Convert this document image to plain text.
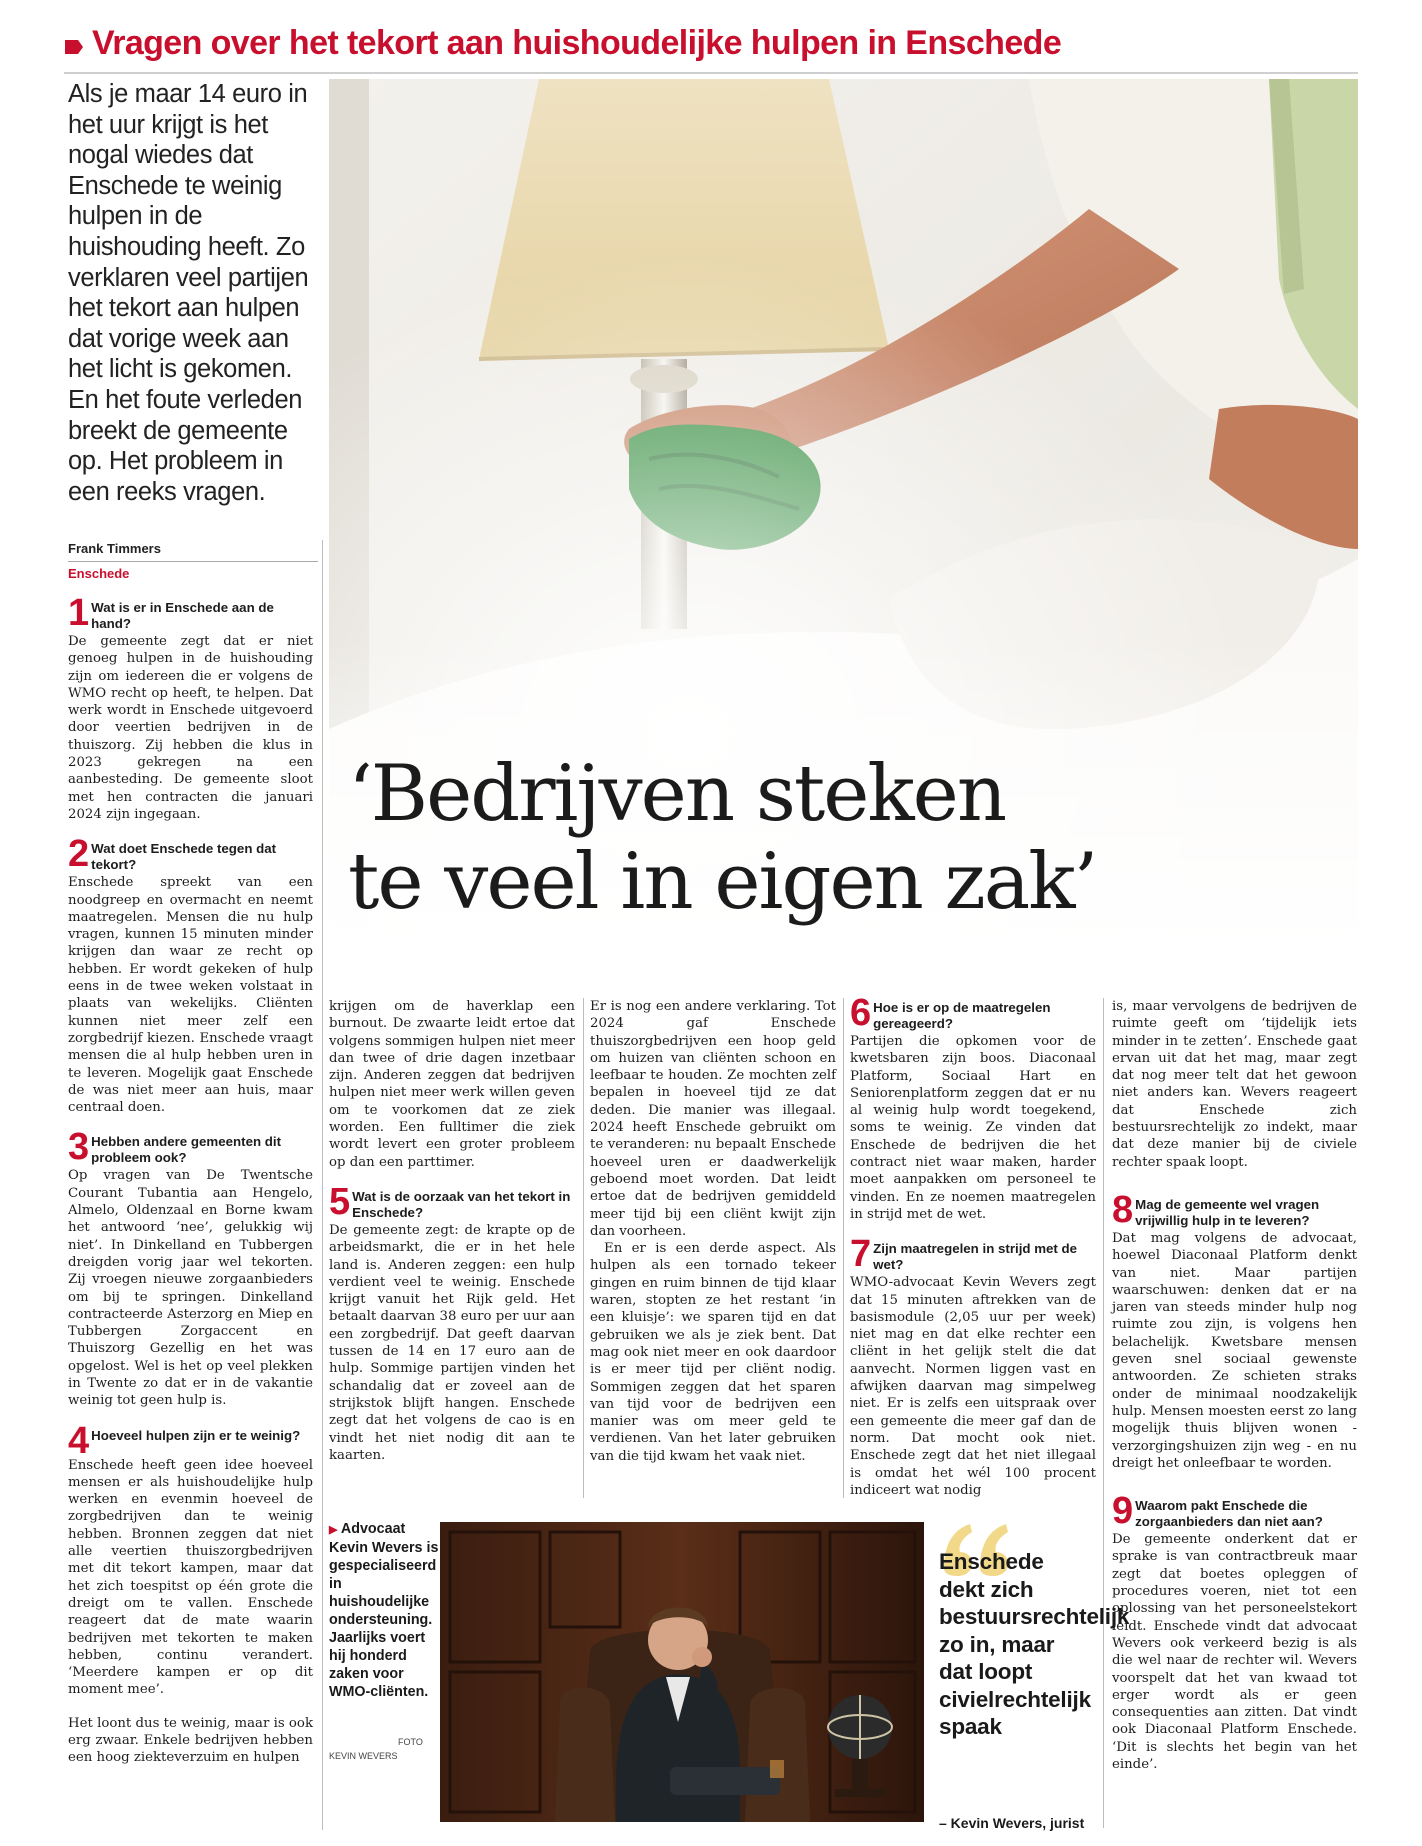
Vragen over het tekort aan huishoudelijke hulpen in Enschede

Als je maar 14 euro in het uur krijgt is het nogal wiedes dat Enschede te weinig hulpen in de huishouding heeft. Zo verklaren veel partijen het tekort aan hulpen dat vorige week aan het licht is gekomen. En het foute verleden breekt de gemeente op. Het probleem in een reeks vragen.

Frank Timmers

Enschede

‘Bedrijven steken
te veel in eigen zak’
1 Wat is er in Enschede aan de hand?

De gemeente zegt dat er niet genoeg hulpen in de huishouding zijn om iedereen die er volgens de WMO recht op heeft, te helpen. Dat werk wordt in Enschede uitgevoerd door veertien bedrijven in de thuiszorg. Zij hebben die klus in 2023 gekregen na een aanbesteding. De gemeente sloot met hen contracten die januari 2024 zijn ingegaan.

2 Wat doet Enschede tegen dat tekort?

Enschede spreekt van een noodgreep en overmacht en neemt maatregelen. Mensen die nu hulp vragen, kunnen 15 minuten minder krijgen dan waar ze recht op hebben. Er wordt gekeken of hulp eens in de twee weken volstaat in plaats van wekelijks. Cliënten kunnen niet meer zelf een zorgbedrijf kiezen. Enschede vraagt mensen die al hulp hebben uren in te leveren. Mogelijk gaat Enschede de was niet meer aan huis, maar centraal doen.

3 Hebben andere gemeenten dit probleem ook?

Op vragen van De Twentsche Courant Tubantia aan Hengelo, Almelo, Oldenzaal en Borne kwam het antwoord ‘nee’, gelukkig wij niet’. In Dinkelland en Tubbergen dreigden vorig jaar wel tekorten. Zij vroegen nieuwe zorgaanbieders om bij te springen. Dinkelland contracteerde Asterzorg en Miep en Tubbergen Zorgaccent en Thuiszorg Gezellig en het was opgelost. Wel is het op veel plekken in Twente zo dat er in de vakantie weinig tot geen hulp is.

4 Hoeveel hulpen zijn er te weinig?

Enschede heeft geen idee hoeveel mensen er als huishoudelijke hulp werken en evenmin hoeveel de zorgbedrijven dan te weinig hebben. Bronnen zeggen dat niet alle veertien thuiszorgbedrijven met dit tekort kampen, maar dat het zich toespitst op één grote die dreigt om te vallen. Enschede reageert dat de mate waarin bedrijven met tekorten te maken hebben, continu verandert. ‘Meerdere kampen er op dit moment mee’.

Het loont dus te weinig, maar is ook erg zwaar. Enkele bedrijven hebben een hoog ziekteverzuim en hulpen

krijgen om de haverklap een burnout. De zwaarte leidt ertoe dat volgens sommigen hulpen niet meer dan twee of drie dagen inzetbaar zijn. Anderen zeggen dat bedrijven hulpen niet meer werk willen geven om te voorkomen dat ze ziek worden. Een fulltimer die ziek wordt levert een groter probleem op dan een parttimer.

5 Wat is de oorzaak van het tekort in Enschede?

De gemeente zegt: de krapte op de arbeidsmarkt, die er in het hele land is. Anderen zeggen: een hulp verdient veel te weinig. Enschede krijgt vanuit het Rijk geld. Het betaalt daarvan 38 euro per uur aan een zorgbedrijf. Dat geeft daarvan tussen de 14 en 17 euro aan de hulp. Sommige partijen vinden het schandalig dat er zoveel aan de strijkstok blijft hangen. Enschede zegt dat het volgens de cao is en vindt het niet nodig dit aan te kaarten.

Er is nog een andere verklaring. Tot 2024 gaf Enschede thuiszorgbedrijven een hoop geld om huizen van cliënten schoon en leefbaar te houden. Ze mochten zelf bepalen in hoeveel tijd ze dat deden. Die manier was illegaal. 2024 heeft Enschede gebruikt om te veranderen: nu bepaalt Enschede hoeveel uren er daadwerkelijk geboend moet worden. Dat leidt ertoe dat de bedrijven gemiddeld meer tijd bij een cliënt kwijt zijn dan voorheen.

En er is een derde aspect. Als hulpen als een tornado tekeer gingen en ruim binnen de tijd klaar waren, stopten ze het restant ‘in een kluisje’: we sparen tijd en dat gebruiken we als je ziek bent. Dat mag ook niet meer en ook daardoor is er meer tijd per cliënt nodig. Sommigen zeggen dat het sparen van tijd voor de bedrijven een manier was om meer geld te verdienen. Van het later gebruiken van die tijd kwam het vaak niet.

6 Hoe is er op de maatregelen gereageerd?

Partijen die opkomen voor de kwetsbaren zijn boos. Diaconaal Platform, Sociaal Hart en Seniorenplatform zeggen dat er nu al weinig hulp wordt toegekend, soms te weinig. Ze vinden dat Enschede de bedrijven die het contract niet waar maken, harder moet aanpakken om personeel te vinden. En ze noemen maatregelen in strijd met de wet.

7 Zijn maatregelen in strijd met de wet?

WMO-advocaat Kevin Wevers zegt dat 15 minuten aftrekken van de basismodule (2,05 uur per week) niet mag en dat elke rechter een cliënt in het gelijk stelt die dat aanvecht. Normen liggen vast en afwijken daarvan mag simpelweg niet. Er is zelfs een uitspraak over een gemeente die meer gaf dan de norm. Dat mocht ook niet. Enschede zegt dat het niet illegaal is omdat het wél 100 procent indiceert wat nodig

is, maar vervolgens de bedrijven de ruimte geeft om ‘tijdelijk iets minder in te zetten’. Enschede gaat ervan uit dat het mag, maar zegt dat nog meer telt dat het gewoon niet anders kan. Wevers reageert dat Enschede zich bestuursrechtelijk zo indekt, maar dat deze manier bij de civiele rechter spaak loopt.

8 Mag de gemeente wel vragen vrijwillig hulp in te leveren?

Dat mag volgens de advocaat, hoewel Diaconaal Platform denkt van niet. Maar partijen waarschuwen: denken dat er na jaren van steeds minder hulp nog ruimte zou zijn, is volgens hen belachelijk. Kwetsbare mensen geven snel sociaal gewenste antwoorden. Ze schieten straks onder de minimaal noodzakelijk hulp. Mensen moesten eerst zo lang mogelijk thuis blijven wonen - verzorgingshuizen zijn weg - en nu dreigt het onleefbaar te worden.

9 Waarom pakt Enschede die zorgaanbieders dan niet aan?

De gemeente onderkent dat er sprake is van contractbreuk maar zegt dat boetes opleggen of procedures voeren, niet tot een oplossing van het personeelstekort leidt. Enschede vindt dat advocaat Wevers ook verkeerd bezig is als die wel naar de rechter wil. Wevers voorspelt dat het van kwaad tot erger wordt als er geen consequenties aan zitten. Dat vindt ook Diaconaal Platform Enschede. ‘Dit is slechts het begin van het einde’.

▶ Advocaat Kevin Wevers is gespecialiseerd in huishoudelijke ondersteuning. Jaarlijks voert hij honderd zaken voor WMO-cliënten.

FOTO
KEVIN WEVERS

Enschede dekt zich bestuursrechtelijk zo in, maar dat loopt civielrechtelijk spaak

– Kevin Wevers, jurist
